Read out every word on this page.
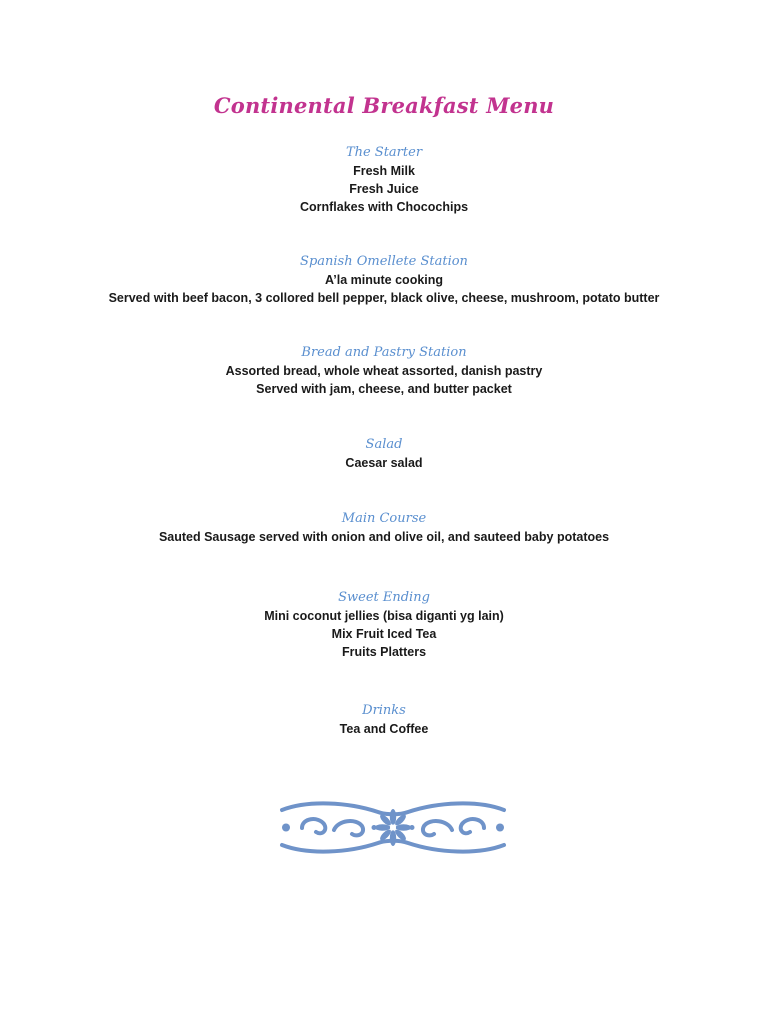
Continental Breakfast Menu
The Starter
Fresh Milk
Fresh Juice
Cornflakes with Chocochips
Spanish Omellete Station
A’la minute cooking
Served with beef bacon, 3 collored bell pepper, black olive, cheese, mushroom, potato butter
Bread and Pastry Station
Assorted bread, whole wheat assorted, danish pastry
Served with jam, cheese, and butter packet
Salad
Caesar salad
Main Course
Sauted Sausage served with onion and olive oil, and sauteed baby potatoes
Sweet Ending
Mini coconut jellies (bisa diganti yg lain)
Mix Fruit Iced Tea
Fruits Platters
Drinks
Tea and Coffee
